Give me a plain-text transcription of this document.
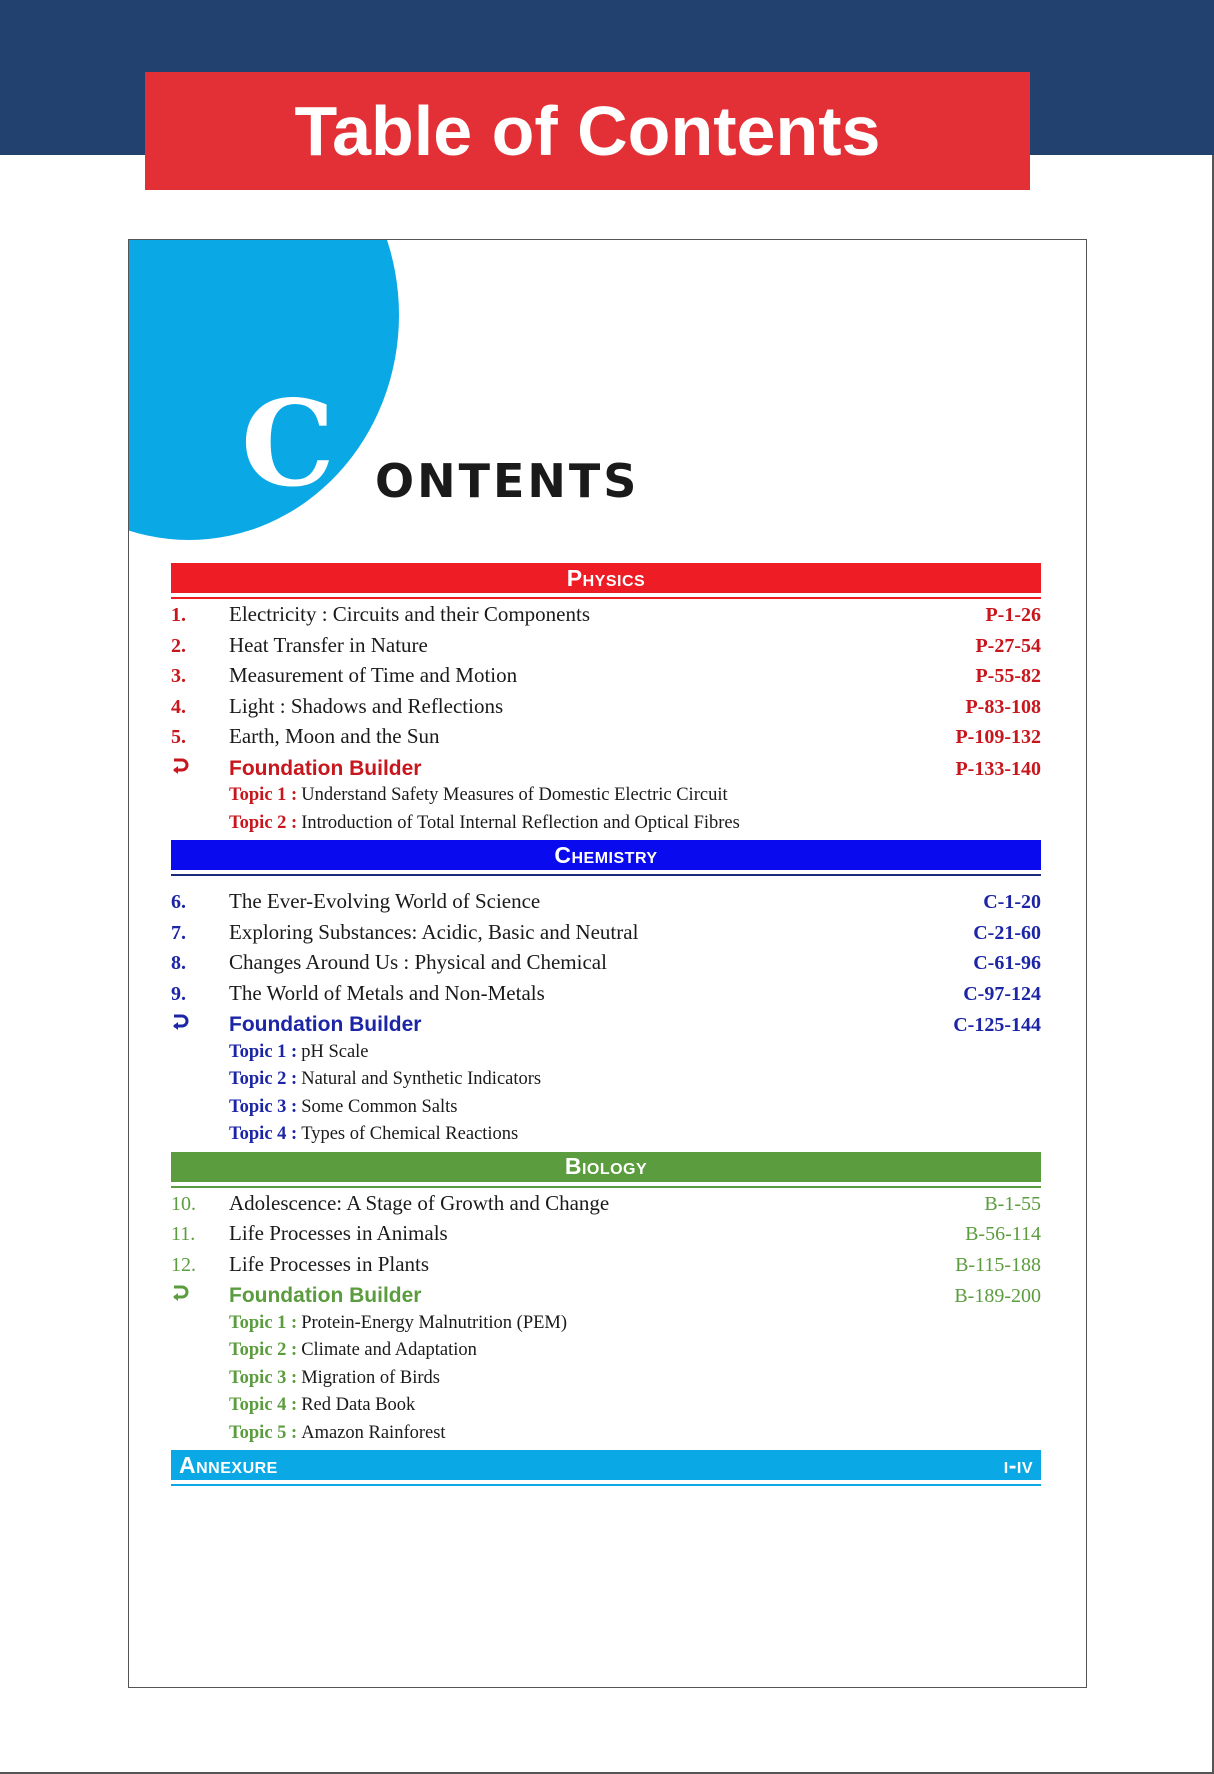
Table of Contents
C ONTENTS
Physics
1.	Electricity : Circuits and their Components	P-1-26
2.	Heat Transfer in Nature	P-27-54
3.	Measurement of Time and Motion	P-55-82
4.	Light : Shadows and Reflections	P-83-108
5.	Earth, Moon and the Sun	P-109-132
Foundation Builder	P-133-140
Topic 1 : Understand Safety Measures of Domestic Electric Circuit
Topic 2 : Introduction of Total Internal Reflection and Optical Fibres
Chemistry
6.	The Ever-Evolving World of Science	C-1-20
7.	Exploring Substances: Acidic, Basic and Neutral	C-21-60
8.	Changes Around Us : Physical and Chemical	C-61-96
9.	The World of Metals and Non-Metals	C-97-124
Foundation Builder	C-125-144
Topic 1 : pH Scale
Topic 2 : Natural and Synthetic Indicators
Topic 3 : Some Common Salts
Topic 4 : Types of Chemical Reactions
Biology
10.	Adolescence: A Stage of Growth and Change	B-1-55
11.	Life Processes in Animals	B-56-114
12.	Life Processes in Plants	B-115-188
Foundation Builder	B-189-200
Topic 1 : Protein-Energy Malnutrition (PEM)
Topic 2 : Climate and Adaptation
Topic 3 : Migration of Birds
Topic 4 : Red Data Book
Topic 5 : Amazon Rainforest
Annexure	i-iv
